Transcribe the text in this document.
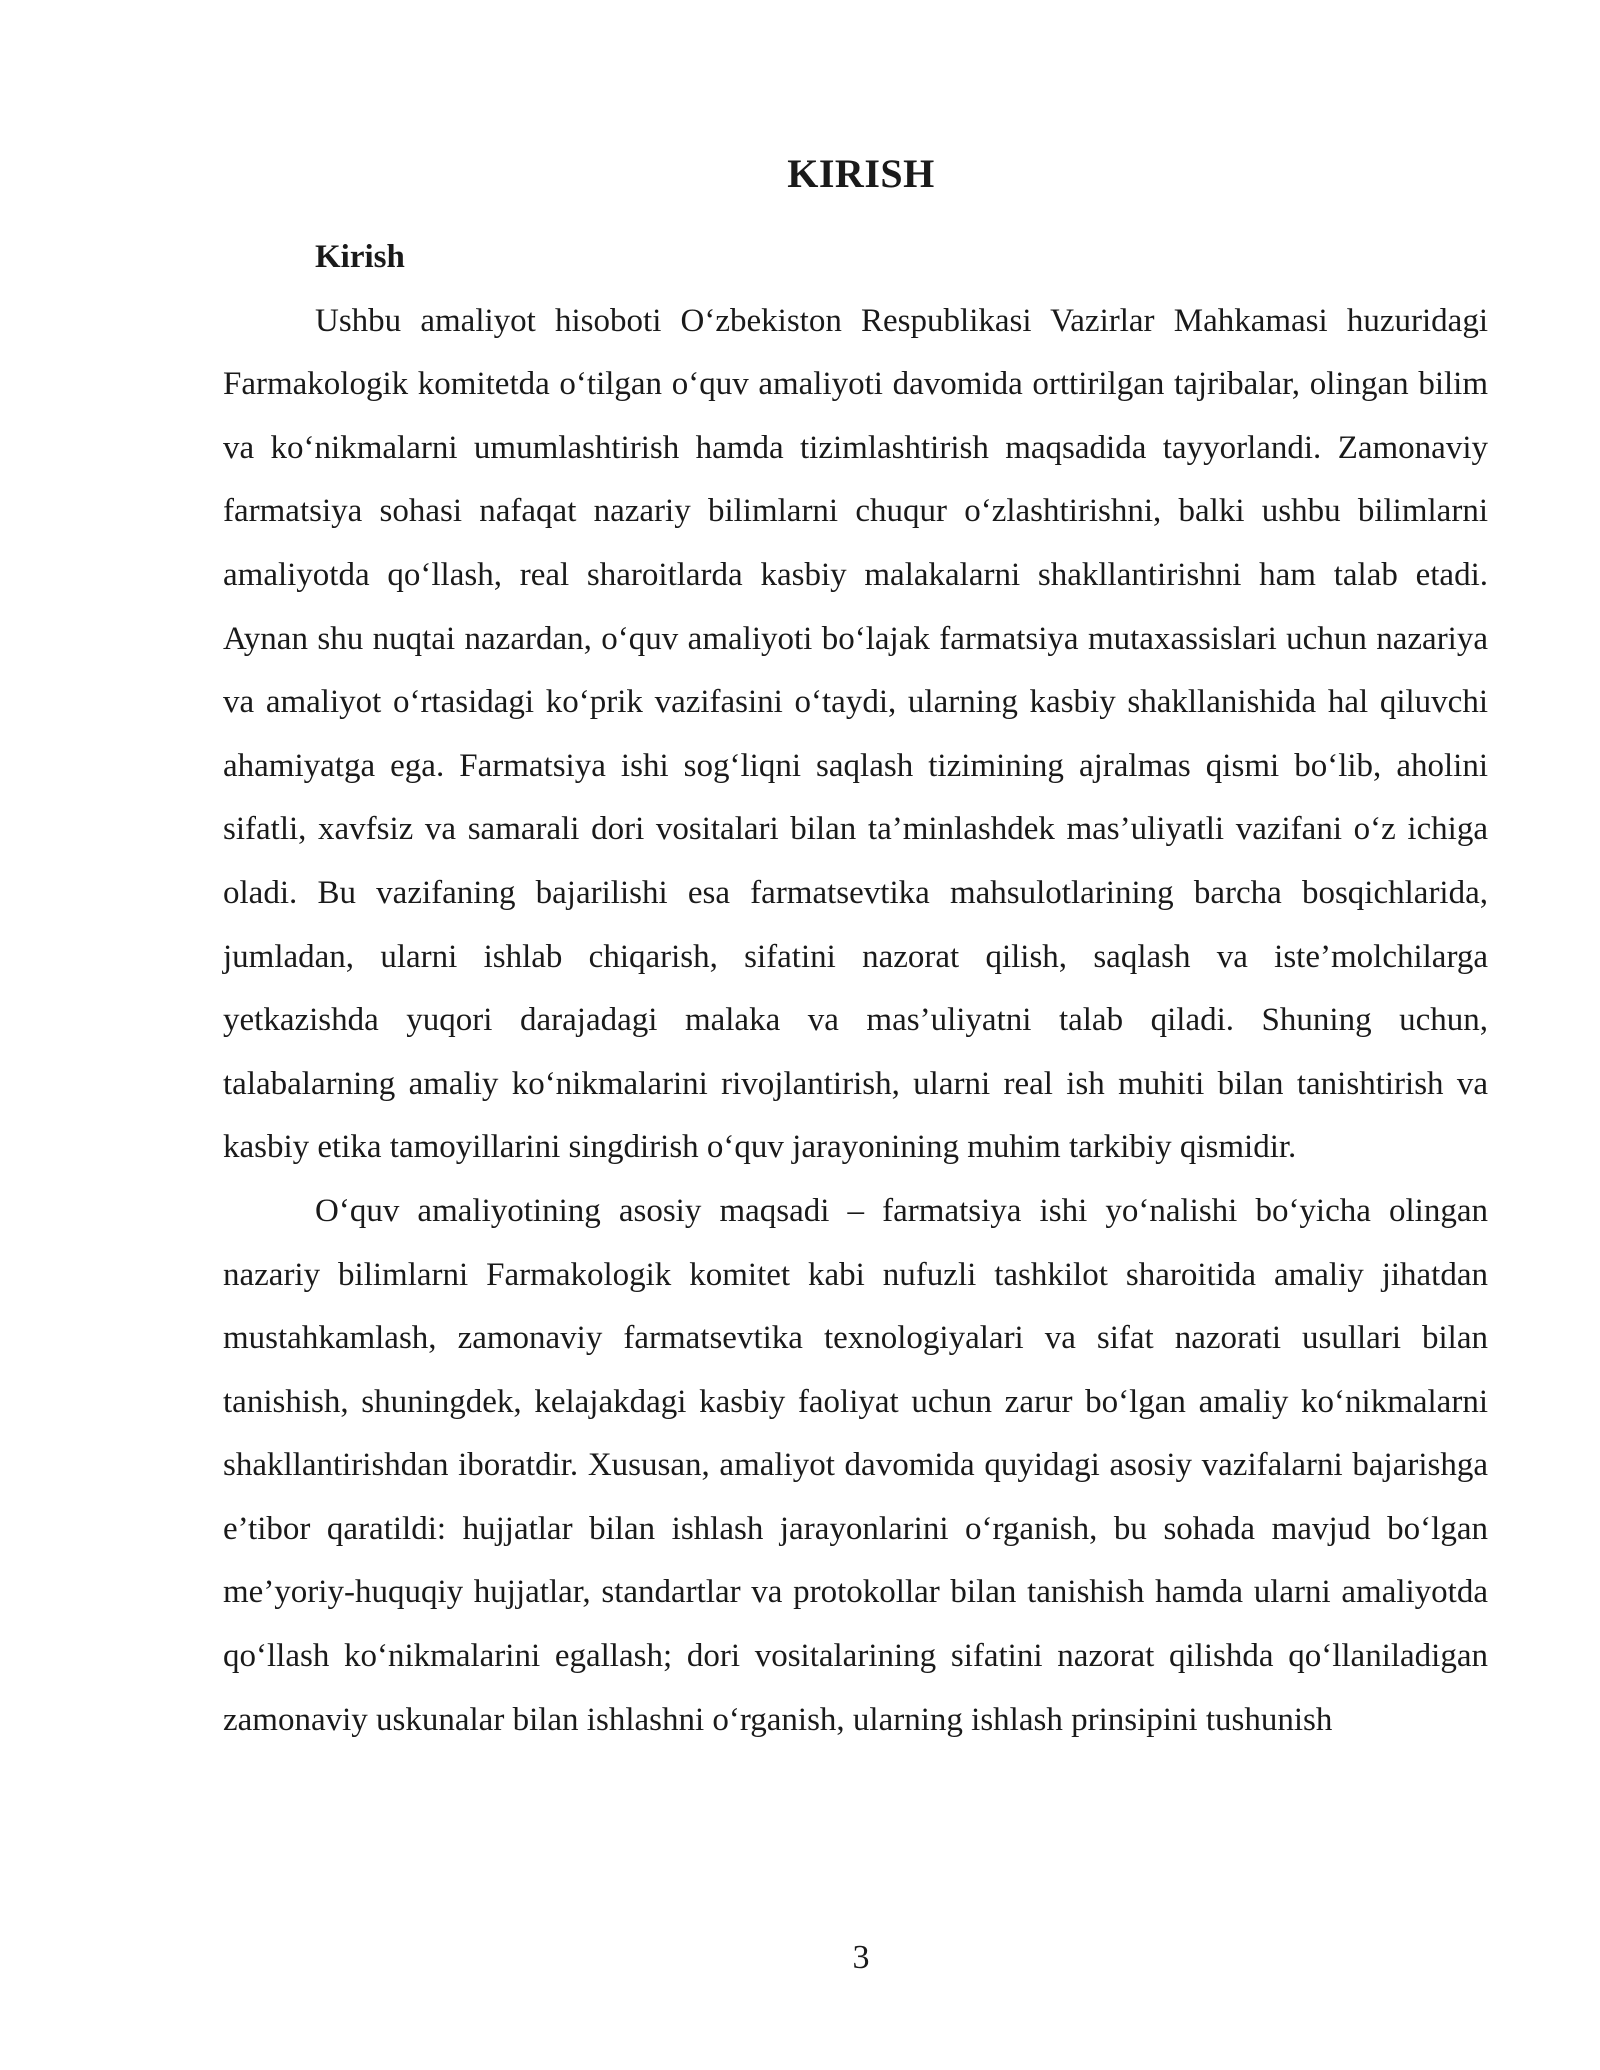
KIRISH

Kirish

Ushbu amaliyot hisoboti O‘zbekiston Respublikasi Vazirlar Mahkamasi huzuridagi Farmakologik komitetda o‘tilgan o‘quv amaliyoti davomida orttirilgan tajribalar, olingan bilim va ko‘nikmalarni umumlashtirish hamda tizimlashtirish maqsadida tayyorlandi. Zamonaviy farmatsiya sohasi nafaqat nazariy bilimlarni chuqur o‘zlashtirishni, balki ushbu bilimlarni amaliyotda qo‘llash, real sharoitlarda kasbiy malakalarni shakllantirishni ham talab etadi. Aynan shu nuqtai nazardan, o‘quv amaliyoti bo‘lajak farmatsiya mutaxassislari uchun nazariya va amaliyot o‘rtasidagi ko‘prik vazifasini o‘taydi, ularning kasbiy shakllanishida hal qiluvchi ahamiyatga ega. Farmatsiya ishi sog‘liqni saqlash tizimining ajralmas qismi bo‘lib, aholini sifatli, xavfsiz va samarali dori vositalari bilan ta’minlashdek mas’uliyatli vazifani o‘z ichiga oladi. Bu vazifaning bajarilishi esa farmatsevtika mahsulotlarining barcha bosqichlarida, jumladan, ularni ishlab chiqarish, sifatini nazorat qilish, saqlash va iste’molchilarga yetkazishda yuqori darajadagi malaka va mas’uliyatni talab qiladi. Shuning uchun, talabalarning amaliy ko‘nikmalarini rivojlantirish, ularni real ish muhiti bilan tanishtirish va kasbiy etika tamoyillarini singdirish o‘quv jarayonining muhim tarkibiy qismidir.

O‘quv amaliyotining asosiy maqsadi – farmatsiya ishi yo‘nalishi bo‘yicha olingan nazariy bilimlarni Farmakologik komitet kabi nufuzli tashkilot sharoitida amaliy jihatdan mustahkamlash, zamonaviy farmatsevtika texnologiyalari va sifat nazorati usullari bilan tanishish, shuningdek, kelajakdagi kasbiy faoliyat uchun zarur bo‘lgan amaliy ko‘nikmalarni shakllantirishdan iboratdir. Xususan, amaliyot davomida quyidagi asosiy vazifalarni bajarishga e’tibor qaratildi: hujjatlar bilan ishlash jarayonlarini o‘rganish, bu sohada mavjud bo‘lgan me’yoriy-huquqiy hujjatlar, standartlar va protokollar bilan tanishish hamda ularni amaliyotda qo‘llash ko‘nikmalarini egallash; dori vositalarining sifatini nazorat qilishda qo‘llaniladigan zamonaviy uskunalar bilan ishlashni o‘rganish, ularning ishlash prinsipini tushunish

3
